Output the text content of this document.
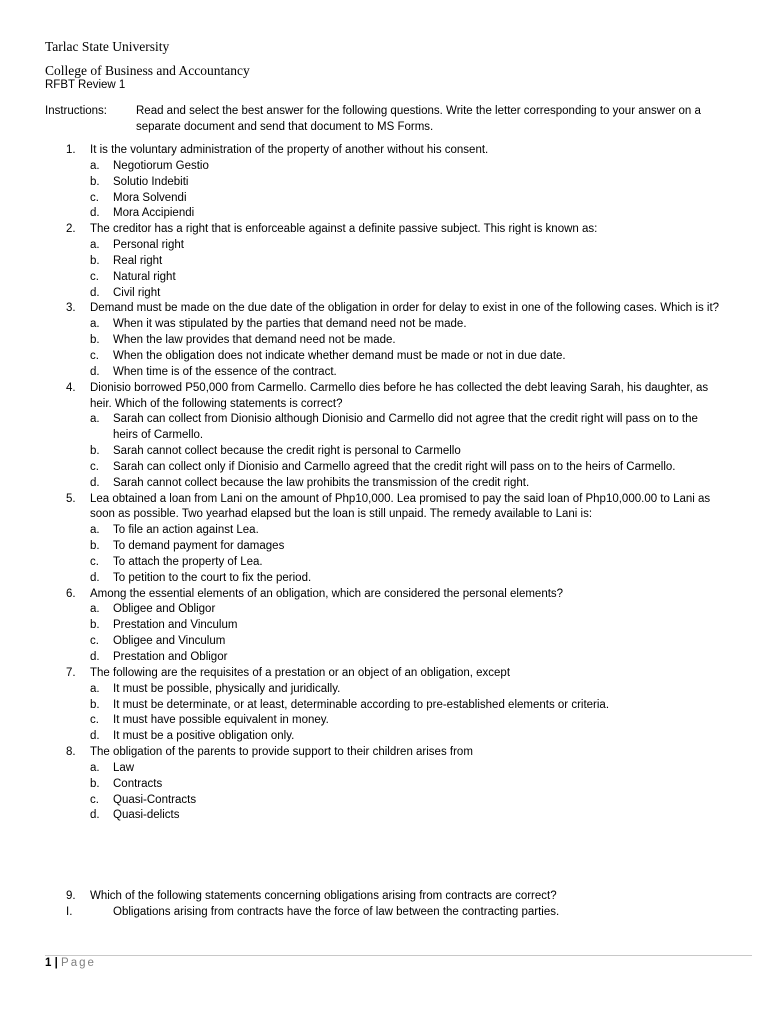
Tarlac State University
College of Business and Accountancy
RFBT Review 1
Instructions:	Read and select the best answer for the following questions. Write the letter corresponding to your answer on a separate document and send that document to MS Forms.
1. It is the voluntary administration of the property of another without his consent.
a. Negotiorum Gestio
b. Solutio Indebiti
c. Mora Solvendi
d. Mora Accipiendi
2. The creditor has a right that is enforceable against a definite passive subject. This right is known as:
a. Personal right
b. Real right
c. Natural right
d. Civil right
3. Demand must be made on the due date of the obligation in order for delay to exist in one of the following cases. Which is it?
a. When it was stipulated by the parties that demand need not be made.
b. When the law provides that demand need not be made.
c. When the obligation does not indicate whether demand must be made or not in due date.
d. When time is of the essence of the contract.
4. Dionisio borrowed P50,000 from Carmello. Carmello dies before he has collected the debt leaving Sarah, his daughter, as heir. Which of the following statements is correct?
a. Sarah can collect from Dionisio although Dionisio and Carmello did not agree that the credit right will pass on to the heirs of Carmello.
b. Sarah cannot collect because the credit right is personal to Carmello
c. Sarah can collect only if Dionisio and Carmello agreed that the credit right will pass on to the heirs of Carmello.
d. Sarah cannot collect because the law prohibits the transmission of the credit right.
5. Lea obtained a loan from Lani on the amount of Php10,000. Lea promised to pay the said loan of Php10,000.00 to Lani as soon as possible. Two yearhad elapsed but the loan is still unpaid. The remedy available to Lani is:
a. To file an action against Lea.
b. To demand payment for damages
c. To attach the property of Lea.
d. To petition to the court to fix the period.
6. Among the essential elements of an obligation, which are considered the personal elements?
a. Obligee and Obligor
b. Prestation and Vinculum
c. Obligee and Vinculum
d. Prestation and Obligor
7. The following are the requisites of a prestation or an object of an obligation, except
a. It must be possible, physically and juridically.
b. It must be determinate, or at least, determinable according to pre-established elements or criteria.
c. It must have possible equivalent in money.
d. It must be a positive obligation only.
8. The obligation of the parents to provide support to their children arises from
a. Law
b. Contracts
c. Quasi-Contracts
d. Quasi-delicts
9. Which of the following statements concerning obligations arising from contracts are correct?
I.	Obligations arising from contracts have the force of law between the contracting parties.
1 | Page
